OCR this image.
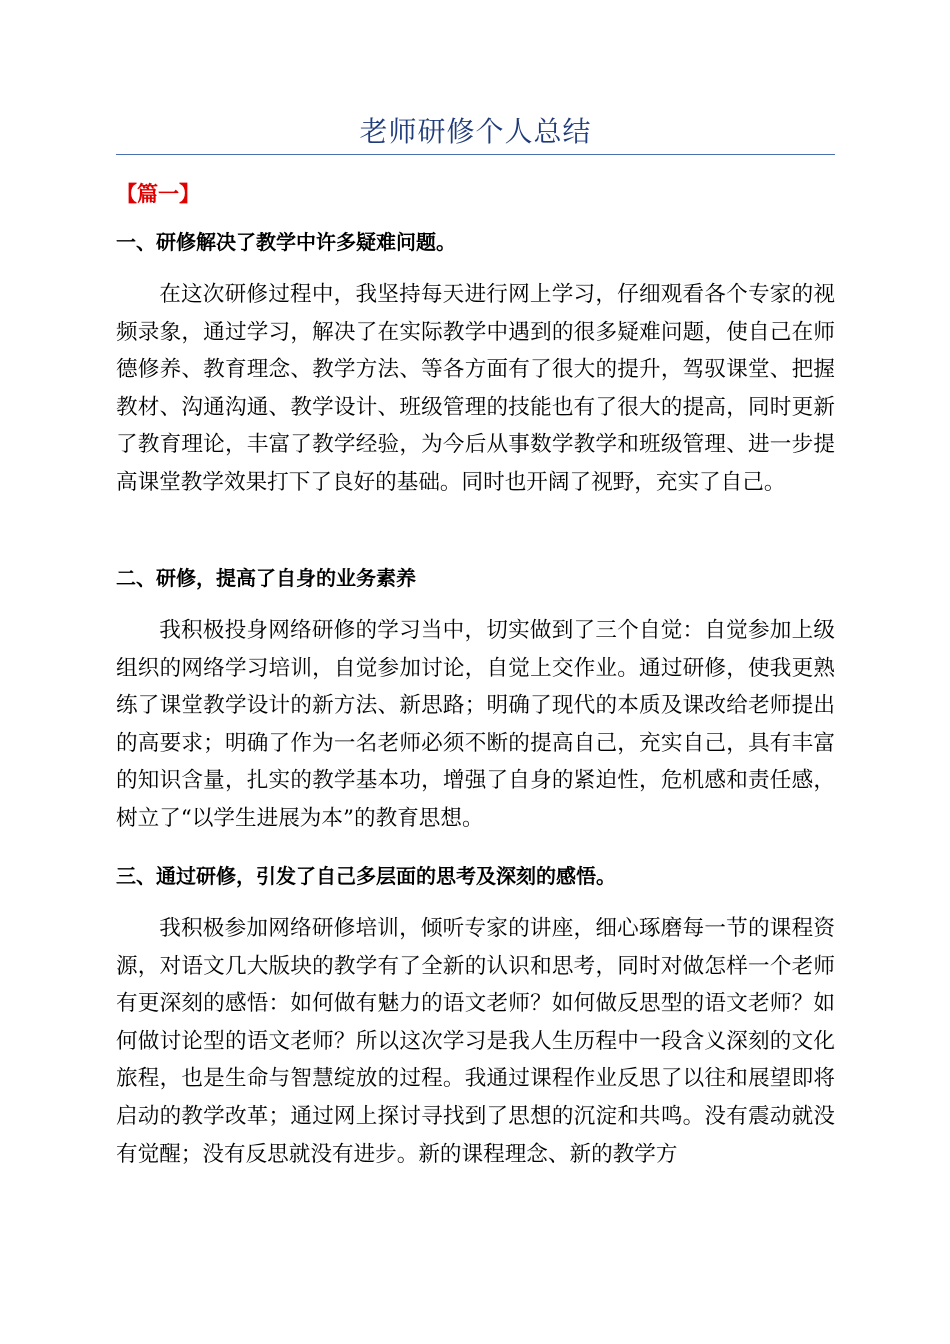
老师研修个人总结
【篇一】
一、研修解决了教学中许多疑难问题。

在这次研修过程中，我坚持每天进行网上学习，仔细观看各个专家的视频录象，通过学习，解决了在实际教学中遇到的很多疑难问题，使自己在师德修养、教育理念、教学方法、等各方面有了很大的提升，驾驭课堂、把握教材、沟通沟通、教学设计、班级管理的技能也有了很大的提高，同时更新了教育理论，丰富了教学经验，为今后从事数学教学和班级管理、进一步提高课堂教学效果打下了良好的基础。同时也开阔了视野，充实了自己。

二、研修，提高了自身的业务素养

我积极投身网络研修的学习当中，切实做到了三个自觉：自觉参加上级组织的网络学习培训，自觉参加讨论，自觉上交作业。通过研修，使我更熟练了课堂教学设计的新方法、新思路；明确了现代的本质及课改给老师提出的高要求；明确了作为一名老师必须不断的提高自己，充实自己，具有丰富的知识含量，扎实的教学基本功，增强了自身的紧迫性，危机感和责任感，树立了“以学生进展为本”的教育思想。

三、通过研修，引发了自己多层面的思考及深刻的感悟。

我积极参加网络研修培训，倾听专家的讲座，细心琢磨每一节的课程资源，对语文几大版块的教学有了全新的认识和思考，同时对做怎样一个老师有更深刻的感悟：如何做有魅力的语文老师？如何做反思型的语文老师？如何做讨论型的语文老师？所以这次学习是我人生历程中一段含义深刻的文化旅程，也是生命与智慧绽放的过程。我通过课程作业反思了以往和展望即将启动的教学改革；通过网上探讨寻找到了思想的沉淀和共鸣。没有震动就没有觉醒；没有反思就没有进步。新的课程理念、新的教学方
